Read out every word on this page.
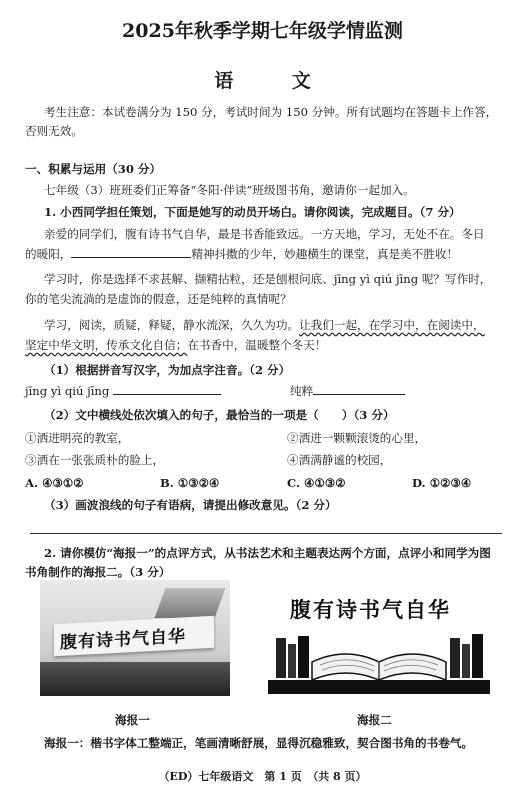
2025年秋季学期七年级学情监测
语 文
考生注意：本试卷满分为 150 分，考试时间为 150 分钟。所有试题均在答题卡上作答，
否则无效。
一、积累与运用（30 分）
七年级（3）班班委们正筹备“冬阳·伴读”班级图书角，邀请你一起加入。
1. 小西同学担任策划，下面是她写的动员开场白。请你阅读，完成题目。（7 分）
亲爱的同学们，腹有诗书气自华，最是书香能致远。一方天地，学习，无处不在。冬日
的暖阳，	精神抖擞的少年，妙趣横生的课堂，真是美不胜收！
学习时，你是选择不求甚解、撷精拈粒，还是刨根问底、jīng yì qiú jīng 呢？写作时，
你的笔尖流淌的是虚饰的假意，还是纯粹的真情呢？
学习，阅读，质疑，释疑，静水流深，久久为功。让我们一起，在学习中，在阅读中，
坚定中华文明，传承文化自信；在书香中，温暖整个冬天！
（1）根据拼音写汉字，为加点字注音。（2 分）
jīng yì qiú jīng	纯粹
（2）文中横线处依次填入的句子，最恰当的一项是（　　）（3 分）
①洒进明亮的教室，	②洒进一颗颗滚烫的心里，
③洒在一张张质朴的脸上，	④洒满静谧的校园，
A. ④③①②	B. ①③②④	C. ④①③②	D. ①②③④
（3）画波浪线的句子有语病，请提出修改意见。（2 分）
2. 请你模仿“海报一”的点评方式，从书法艺术和主题表达两个方面，点评小和同学为图
书角制作的海报二。（3 分）
腹有诗书气自华
腹有诗书气自华
海报一	海报二
海报一：楷书字体工整端正，笔画清晰舒展，显得沉稳雅致，契合图书角的书卷气。
（ED）七年级语文　第 1 页　（共 8 页）
